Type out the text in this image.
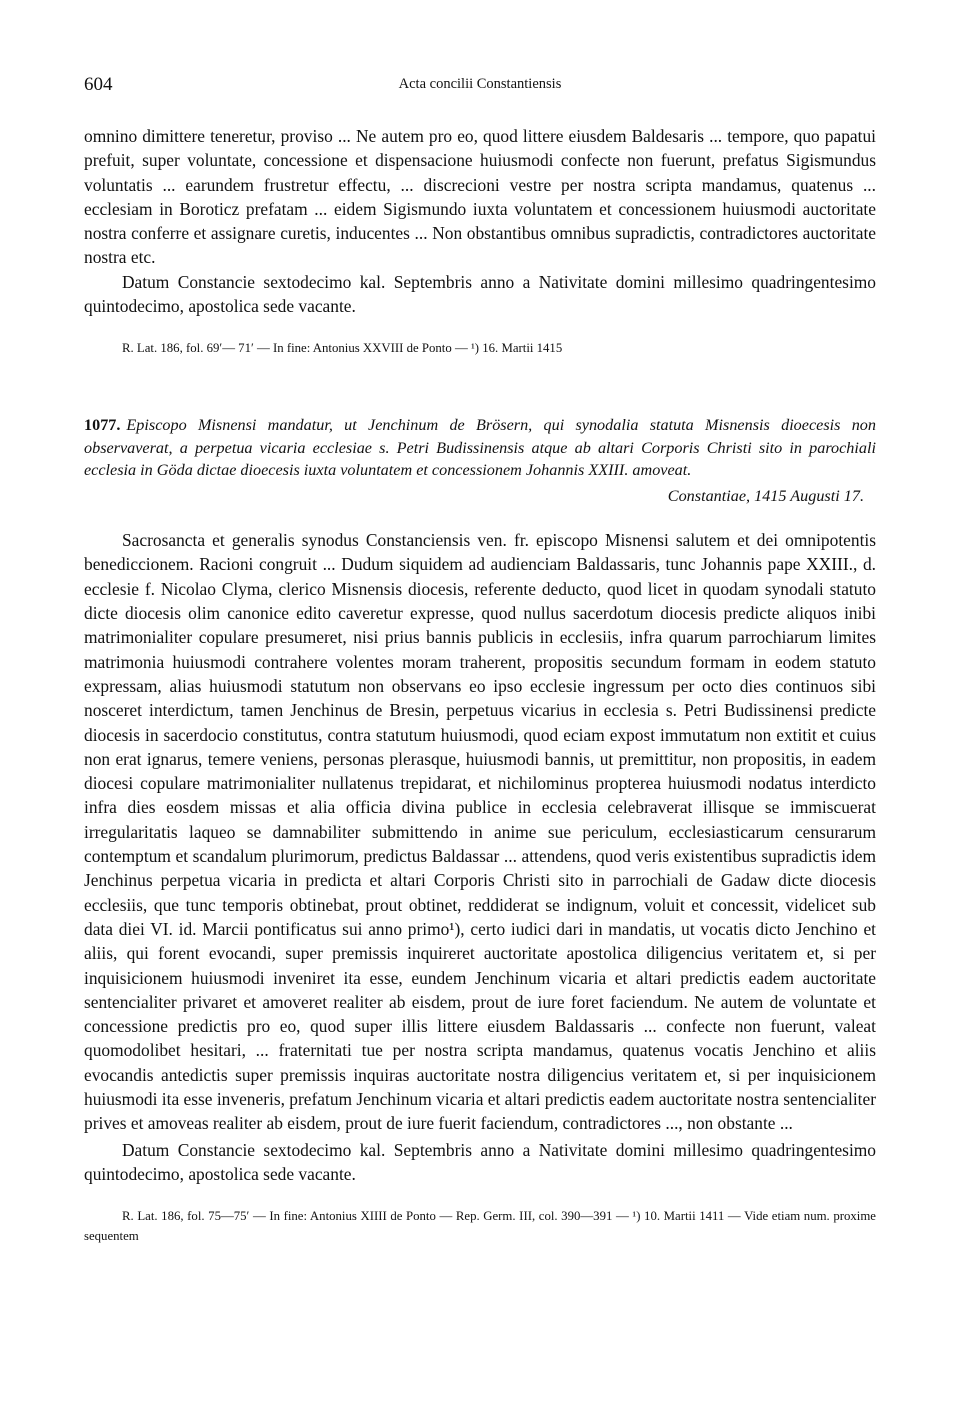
604	Acta concilii Constantiensis

omnino dimittere teneretur, proviso ... Ne autem pro eo, quod littere eiusdem Baldesaris ... tempore, quo papatui prefuit, super voluntate, concessione et dispensacione huiusmodi confecte non fuerunt, prefatus Sigismundus voluntatis ... earundem frustretur effectu, ... discrecioni vestre per nostra scripta mandamus, quatenus ... ecclesiam in Boroticz prefatam ... eidem Sigismundo iuxta voluntatem et concessionem huiusmodi auctoritate nostra conferre et assignare curetis, inducentes ... Non obstantibus omnibus supradictis, contradictores auctoritate nostra etc.

Datum Constancie sextodecimo kal. Septembris anno a Nativitate domini millesimo quadringentesimo quintodecimo, apostolica sede vacante.

R. Lat. 186, fol. 69′— 71′ — In fine: Antonius XXVIII de Ponto — ¹) 16. Martii 1415

1077. Episcopo Misnensi mandatur, ut Jenchinum de Brösern, qui synodalia statuta Misnensis dioecesis non observaverat, a perpetua vicaria ecclesiae s. Petri Budissinensis atque ab altari Corporis Christi sito in parochiali ecclesia in Göda dictae dioecesis iuxta voluntatem et concessionem Johannis XXIII. amoveat.

Constantiae, 1415 Augusti 17.

Sacrosancta et generalis synodus Constanciensis ven. fr. episcopo Misnensi salutem et dei omnipotentis benediccionem. Racioni congruit ... Dudum siquidem ad audienciam Baldassaris, tunc Johannis pape XXIII., d. ecclesie f. Nicolao Clyma, clerico Misnensis diocesis, referente deducto, quod licet in quodam synodali statuto dicte diocesis olim canonice edito caveretur expresse, quod nullus sacerdotum diocesis predicte aliquos inibi matrimonialiter copulare presumeret, nisi prius bannis publicis in ecclesiis, infra quarum parrochiarum limites matrimonia huiusmodi contrahere volentes moram traherent, propositis secundum formam in eodem statuto expressam, alias huiusmodi statutum non observans eo ipso ecclesie ingressum per octo dies continuos sibi nosceret interdictum, tamen Jenchinus de Bresin, perpetuus vicarius in ecclesia s. Petri Budissinensi predicte diocesis in sacerdocio constitutus, contra statutum huiusmodi, quod eciam expost immutatum non extitit et cuius non erat ignarus, temere veniens, personas plerasque, huiusmodi bannis, ut premittitur, non propositis, in eadem diocesi copulare matrimonialiter nullatenus trepidarat, et nichilominus propterea huiusmodi nodatus interdicto infra dies eosdem missas et alia officia divina publice in ecclesia celebraverat illisque se immiscuerat irregularitatis laqueo se damnabiliter submittendo in anime sue periculum, ecclesiasticarum censurarum contemptum et scandalum plurimorum, predictus Baldassar ... attendens, quod veris existentibus supradictis idem Jenchinus perpetua vicaria in predicta et altari Corporis Christi sito in parrochiali de Gadaw dicte diocesis ecclesiis, que tunc temporis obtinebat, prout obtinet, reddiderat se indignum, voluit et concessit, videlicet sub data diei VI. id. Marcii pontificatus sui anno primo¹), certo iudici dari in mandatis, ut vocatis dicto Jenchino et aliis, qui forent evocandi, super premissis inquireret auctoritate apostolica diligencius veritatem et, si per inquisicionem huiusmodi inveniret ita esse, eundem Jenchinum vicaria et altari predictis eadem auctoritate sentencialiter privaret et amoveret realiter ab eisdem, prout de iure foret faciendum. Ne autem de voluntate et concessione predictis pro eo, quod super illis littere eiusdem Baldassaris ... confecte non fuerunt, valeat quomodolibet hesitari, ... fraternitati tue per nostra scripta mandamus, quatenus vocatis Jenchino et aliis evocandis antedictis super premissis inquiras auctoritate nostra diligencius veritatem et, si per inquisicionem huiusmodi ita esse inveneris, prefatum Jenchinum vicaria et altari predictis eadem auctoritate nostra sentencialiter prives et amoveas realiter ab eisdem, prout de iure fuerit faciendum, contradictores ..., non obstante ...

Datum Constancie sextodecimo kal. Septembris anno a Nativitate domini millesimo quadringentesimo quintodecimo, apostolica sede vacante.

R. Lat. 186, fol. 75—75′ — In fine: Antonius XIIII de Ponto — Rep. Germ. III, col. 390—391 — ¹) 10. Martii 1411 — Vide etiam num. proxime sequentem
